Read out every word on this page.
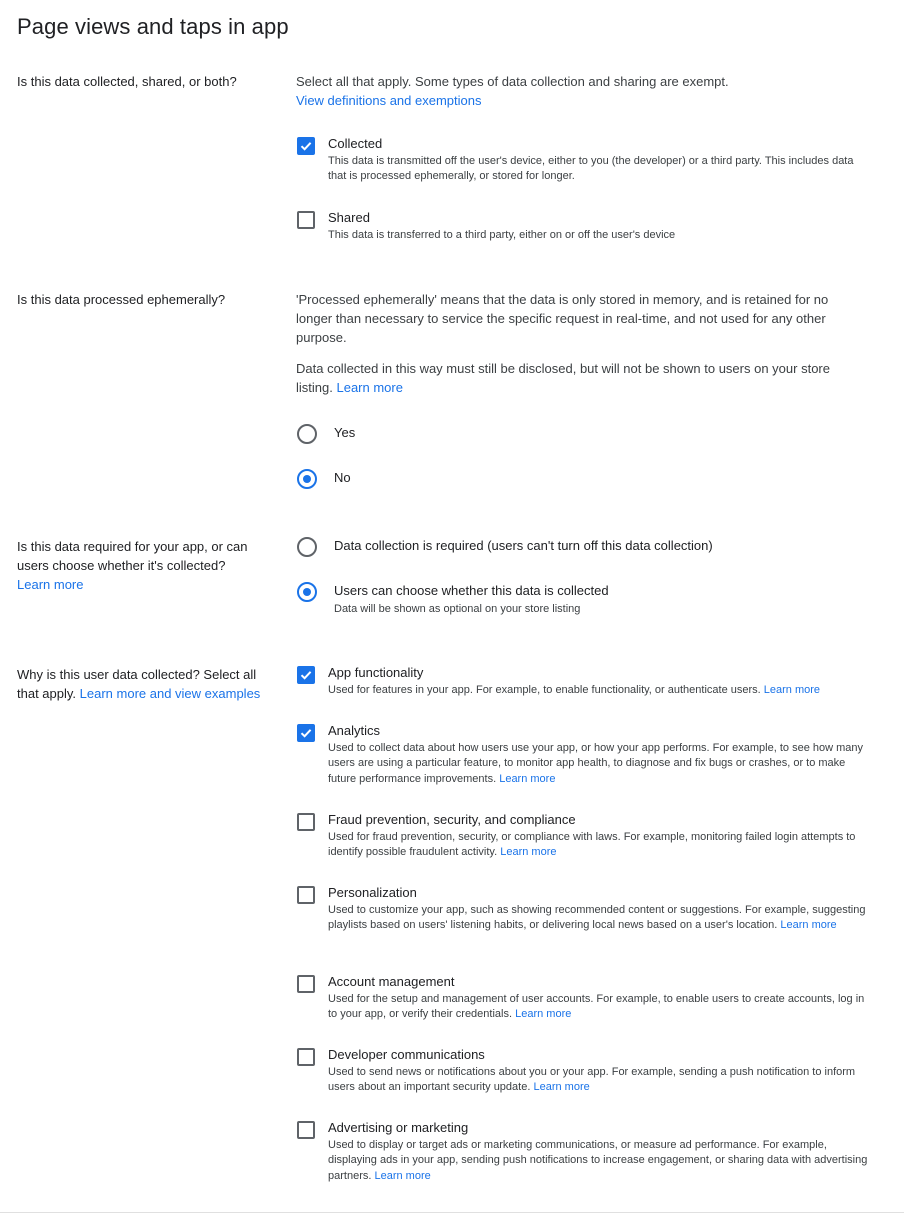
Page views and taps in app
Is this data collected, shared, or both?	Select all that apply. Some types of data collection and sharing are exempt.
View definitions and exemptions
Collected
This data is transmitted off the user's device, either to you (the developer) or a third party. This includes data that is processed ephemerally, or stored for longer.
Shared
This data is transferred to a third party, either on or off the user's device
Is this data processed ephemerally?	'Processed ephemerally' means that the data is only stored in memory, and is retained for no longer than necessary to service the specific request in real-time, and not used for any other purpose.
Data collected in this way must still be disclosed, but will not be shown to users on your store listing. Learn more
Yes
No
Is this data required for your app, or can users choose whether it's collected?
Learn more
Data collection is required (users can't turn off this data collection)
Users can choose whether this data is collected
Data will be shown as optional on your store listing
Why is this user data collected? Select all that apply. Learn more and view examples
App functionality
Used for features in your app. For example, to enable functionality, or authenticate users. Learn more
Analytics
Used to collect data about how users use your app, or how your app performs. For example, to see how many users are using a particular feature, to monitor app health, to diagnose and fix bugs or crashes, or to make future performance improvements. Learn more
Fraud prevention, security, and compliance
Used for fraud prevention, security, or compliance with laws. For example, monitoring failed login attempts to identify possible fraudulent activity. Learn more
Personalization
Used to customize your app, such as showing recommended content or suggestions. For example, suggesting playlists based on users' listening habits, or delivering local news based on a user's location. Learn more
Account management
Used for the setup and management of user accounts. For example, to enable users to create accounts, log in to your app, or verify their credentials. Learn more
Developer communications
Used to send news or notifications about you or your app. For example, sending a push notification to inform users about an important security update. Learn more
Advertising or marketing
Used to display or target ads or marketing communications, or measure ad performance. For example, displaying ads in your app, sending push notifications to increase engagement, or sharing data with advertising partners. Learn more
